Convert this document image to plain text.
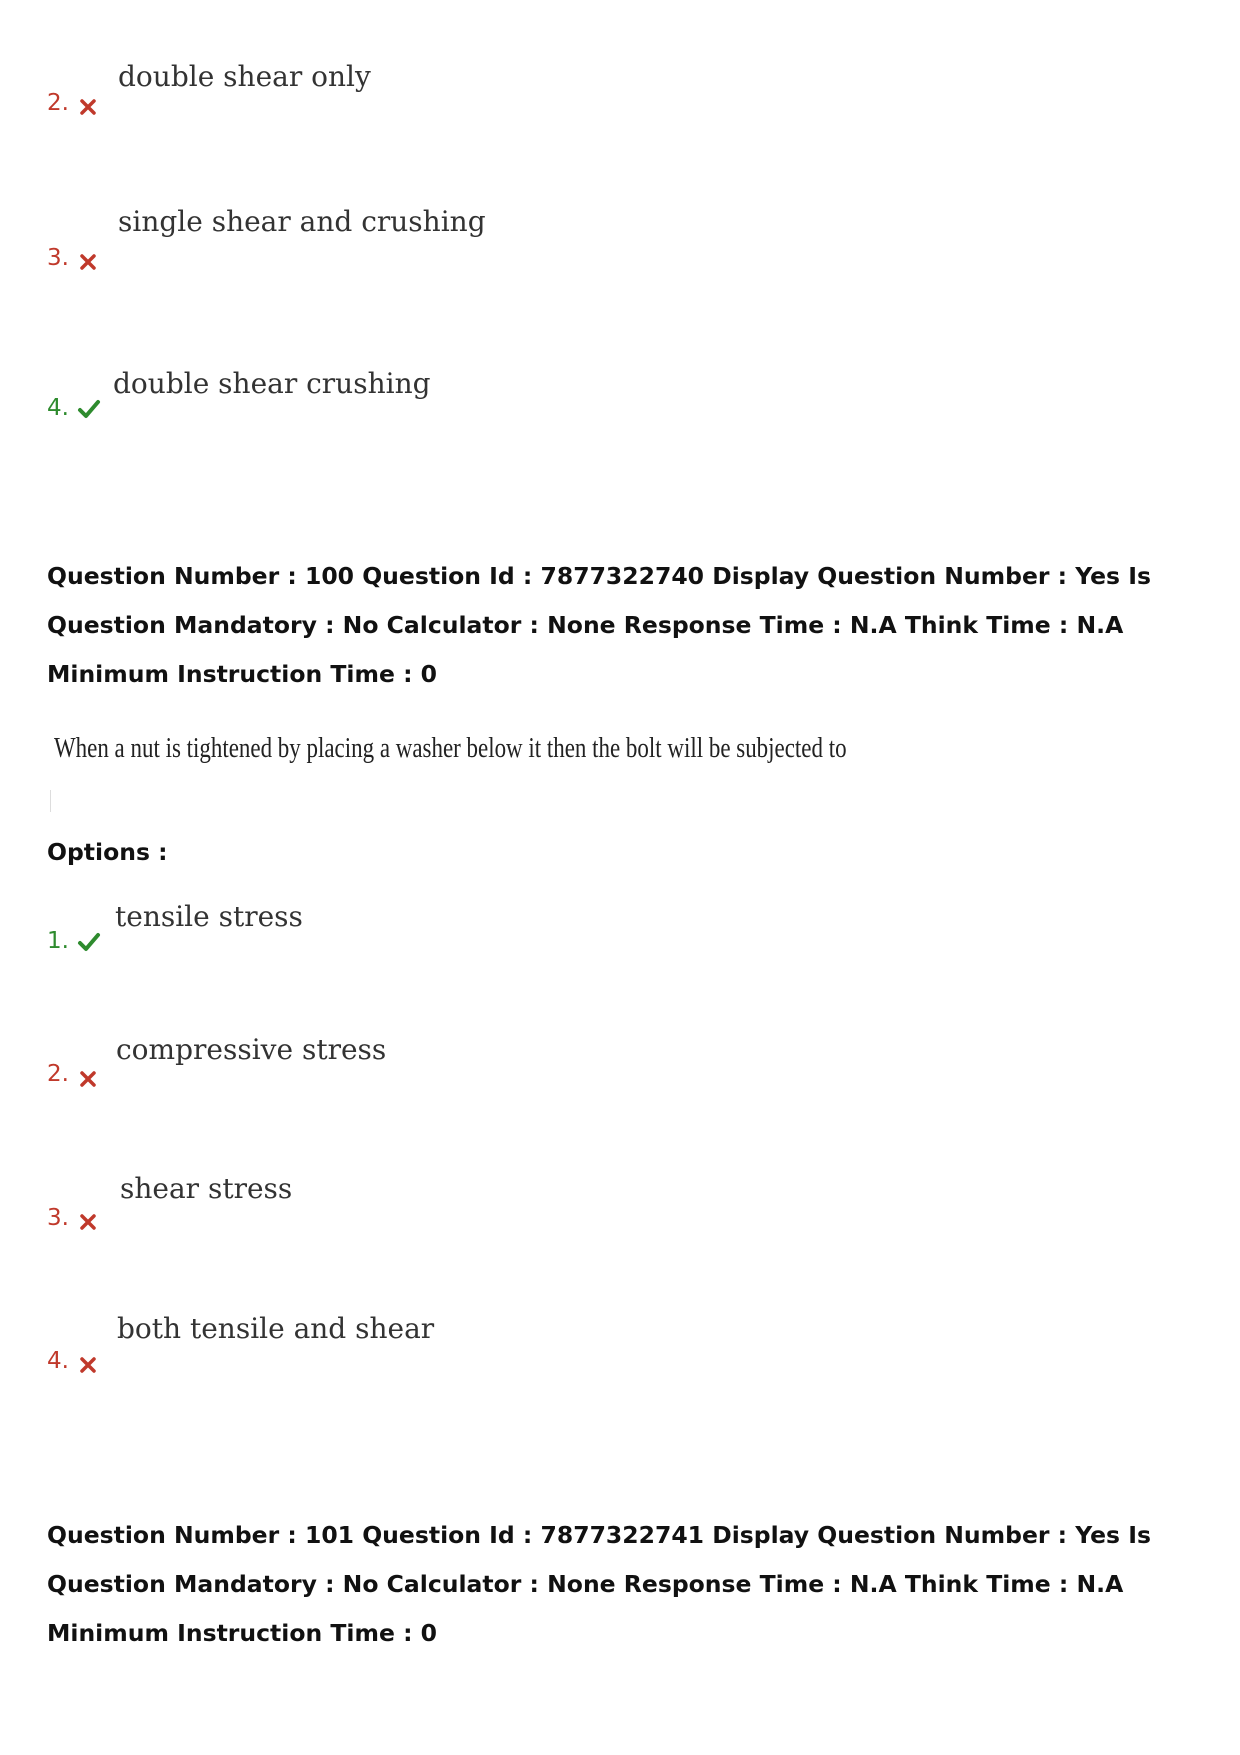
2.
double shear only
3.
single shear and crushing
4.
double shear crushing
Question Number : 100 Question Id : 7877322740 Display Question Number : Yes Is Question Mandatory : No Calculator : None Response Time : N.A Think Time : N.A Minimum Instruction Time : 0
When a nut is tightened by placing a washer below it then the bolt will be subjected to
Options :
1.
tensile stress
2.
compressive stress
3.
shear stress
4.
both tensile and shear
Question Number : 101 Question Id : 7877322741 Display Question Number : Yes Is Question Mandatory : No Calculator : None Response Time : N.A Think Time : N.A Minimum Instruction Time : 0
